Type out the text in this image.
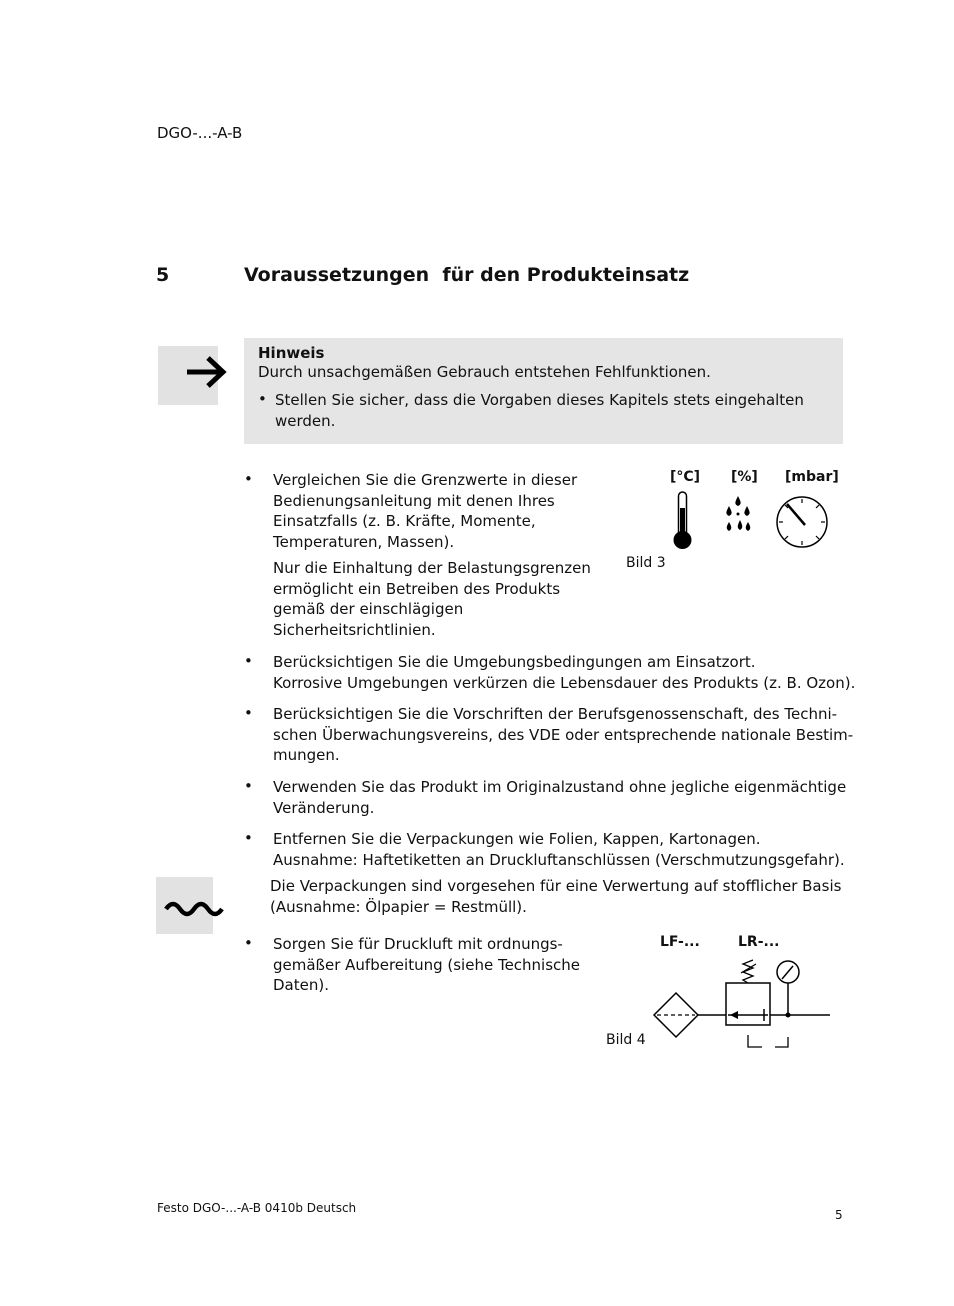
DGO-...-A-B
5	Voraussetzungen  für den Produkteinsatz
Hinweis
Durch unsachgemäßen Gebrauch entstehen Fehlfunktionen.
• Stellen Sie sicher, dass die Vorgaben dieses Kapitels stets eingehalten werden.
• Vergleichen Sie die Grenzwerte in dieser
Bedienungsanleitung mit denen Ihres
Einsatzfalls (z. B. Kräfte, Momente,
Temperaturen, Massen).
Nur die Einhaltung der Belastungsgrenzen
ermöglicht ein Betreiben des Produkts
gemäß der einschlägigen
Sicherheitsrichtlinien.
[°C] [%] [mbar]
Bild 3
• Berücksichtigen Sie die Umgebungsbedingungen am Einsatzort.
Korrosive Umgebungen verkürzen die Lebensdauer des Produkts (z. B. Ozon).
• Berücksichtigen Sie die Vorschriften der Berufsgenossenschaft, des Techni-
schen Überwachungsvereins, des VDE oder entsprechende nationale Bestim-
mungen.
• Verwenden Sie das Produkt im Originalzustand ohne jegliche eigenmächtige
Veränderung.
• Entfernen Sie die Verpackungen wie Folien, Kappen, Kartonagen.
Ausnahme: Haftetiketten an Druckluftanschlüssen (Verschmutzungsgefahr).
Die Verpackungen sind vorgesehen für eine Verwertung auf stofflicher Basis
(Ausnahme: Ölpapier = Restmüll).
• Sorgen Sie für Druckluft mit ordnungs-
gemäßer Aufbereitung (siehe Technische
Daten).
LF-...	LR-...
Bild 4
Festo DGO-...-A-B 0410b Deutsch	5
